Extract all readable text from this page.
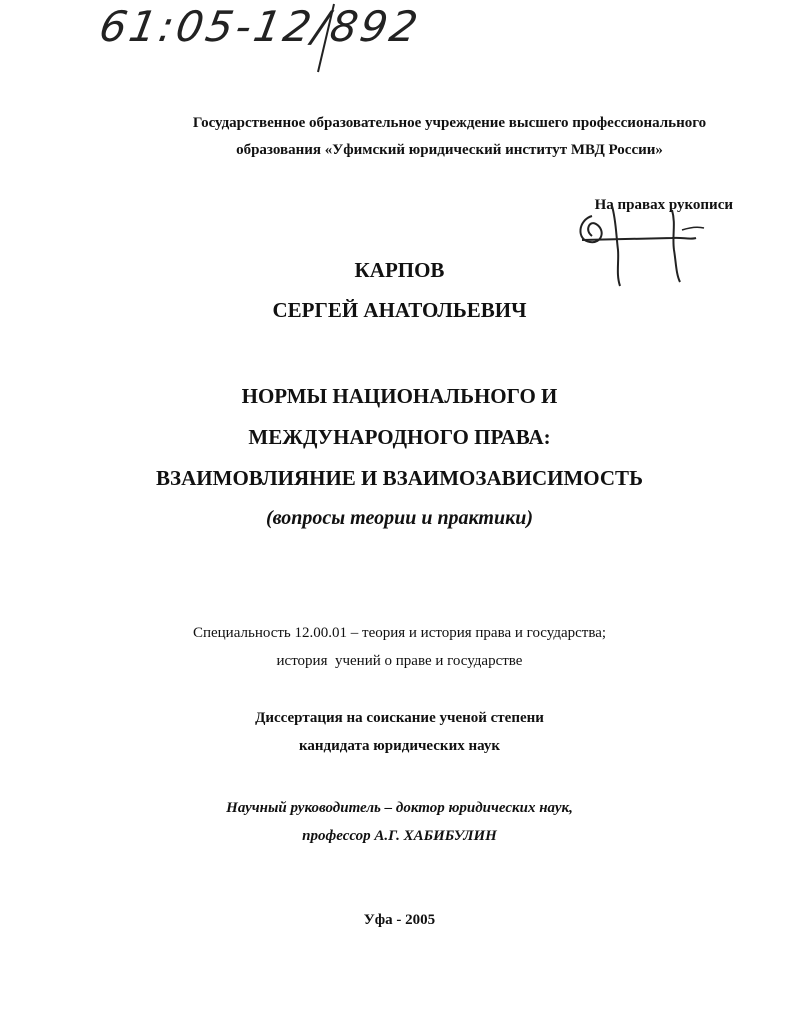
61:05-12/892
Государственное образовательное учреждение высшего профессионального
образования «Уфимский юридический институт МВД России»
На правах рукописи
КАРПОВ
СЕРГЕЙ АНАТОЛЬЕВИЧ
НОРМЫ НАЦИОНАЛЬНОГО И
МЕЖДУНАРОДНОГО ПРАВА:
ВЗАИМОВЛИЯНИЕ И ВЗАИМОЗАВИСИМОСТЬ
(вопросы теории и практики)
Специальность 12.00.01 – теория и история права и государства;
история  учений о праве и государстве
Диссертация на соискание ученой степени
кандидата юридических наук
Научный руководитель – доктор юридических наук,
профессор А.Г. ХАБИБУЛИН
Уфа - 2005
